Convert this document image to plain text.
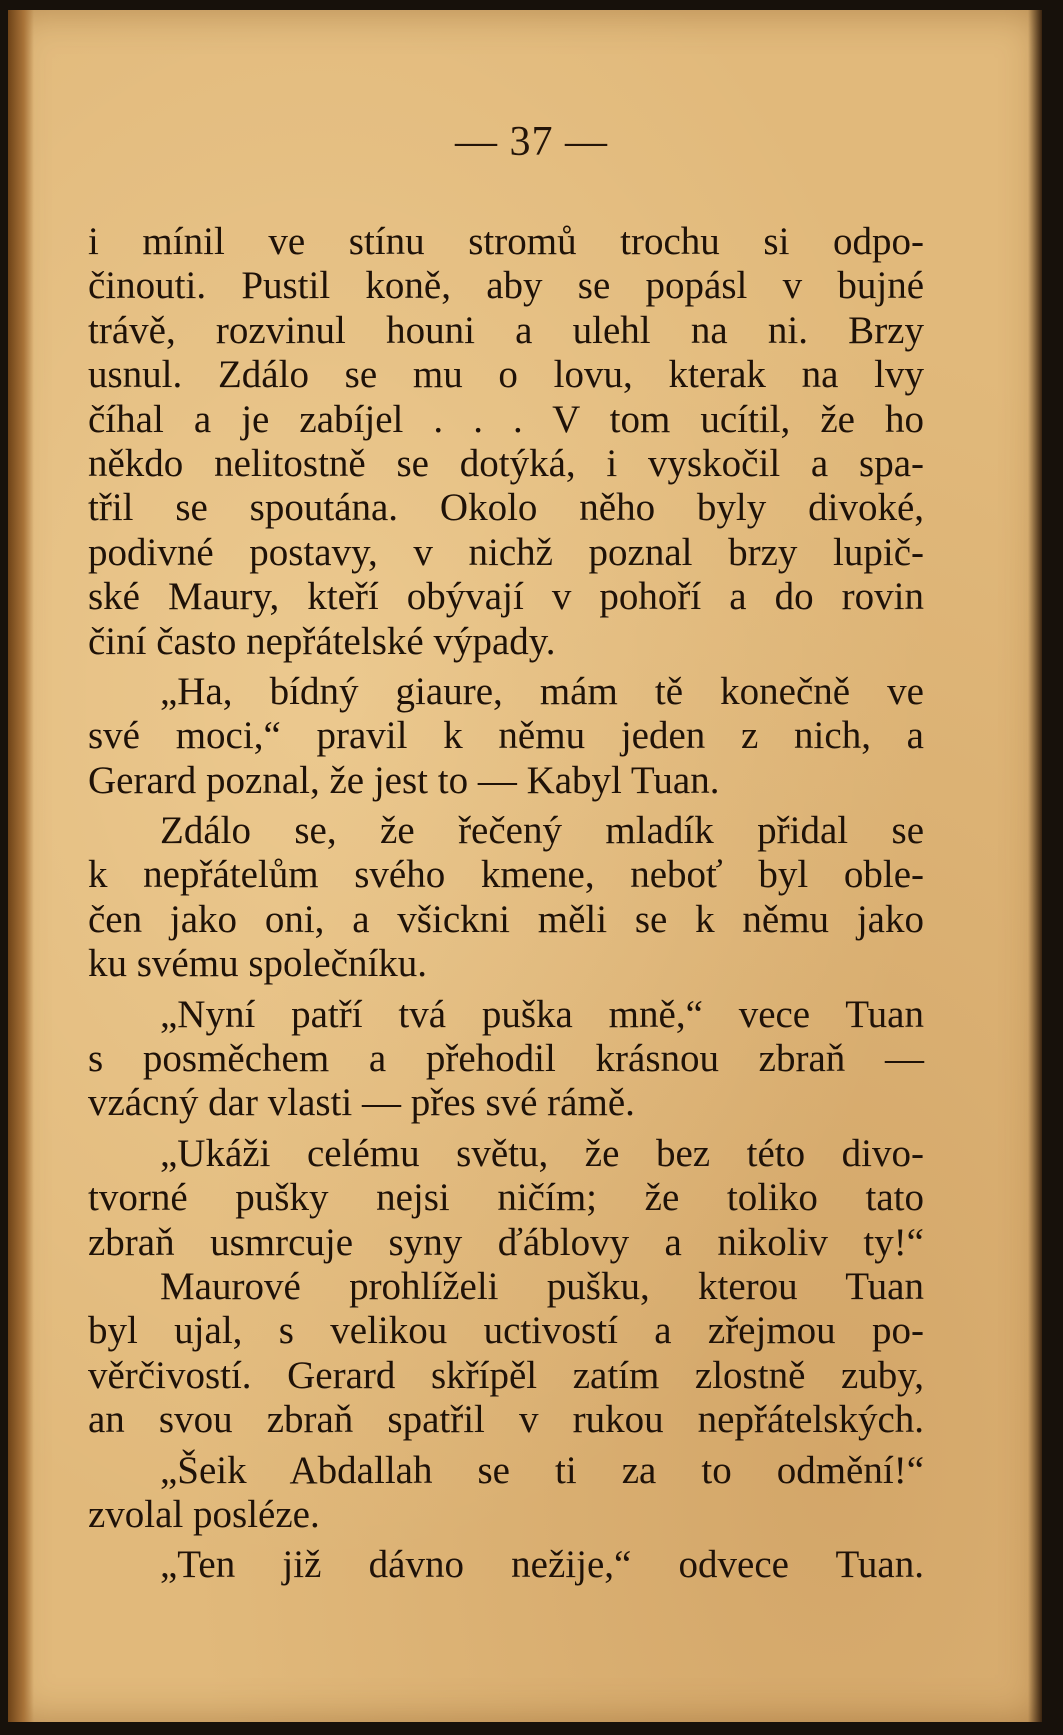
— 37 —
i mínil ve stínu stromů trochu si odpo-
činouti. Pustil koně, aby se popásl v bujné
trávě, rozvinul houni a ulehl na ni. Brzy
usnul. Zdálo se mu o lovu, kterak na lvy
číhal a je zabíjel . . . V tom ucítil, že ho
někdo nelitostně se dotýká, i vyskočil a spa-
třil se spoutána. Okolo něho byly divoké,
podivné postavy, v nichž poznal brzy lupič-
ské Maury, kteří obývají v pohoří a do rovin
činí často nepřátelské výpady.
„Ha, bídný giaure, mám tě konečně ve
své moci,“ pravil k němu jeden z nich, a
Gerard poznal, že jest to — Kabyl Tuan.
Zdálo se, že řečený mladík přidal se
k nepřátelům svého kmene, neboť byl oble-
čen jako oni, a všickni měli se k němu jako
ku svému společníku.
„Nyní patří tvá puška mně,“ vece Tuan
s posměchem a přehodil krásnou zbraň —
vzácný dar vlasti — přes své rámě.
„Ukáži celému světu, že bez této divo-
tvorné pušky nejsi ničím; že toliko tato
zbraň usmrcuje syny ďáblovy a nikoliv ty!“
Maurové prohlíželi pušku, kterou Tuan
byl ujal, s velikou uctivostí a zřejmou po-
věrčivostí. Gerard skřípěl zatím zlostně zuby,
an svou zbraň spatřil v rukou nepřátelských.
„Šeik Abdallah se ti za to odmění!“
zvolal posléze.
„Ten již dávno nežije,“ odvece Tuan.
